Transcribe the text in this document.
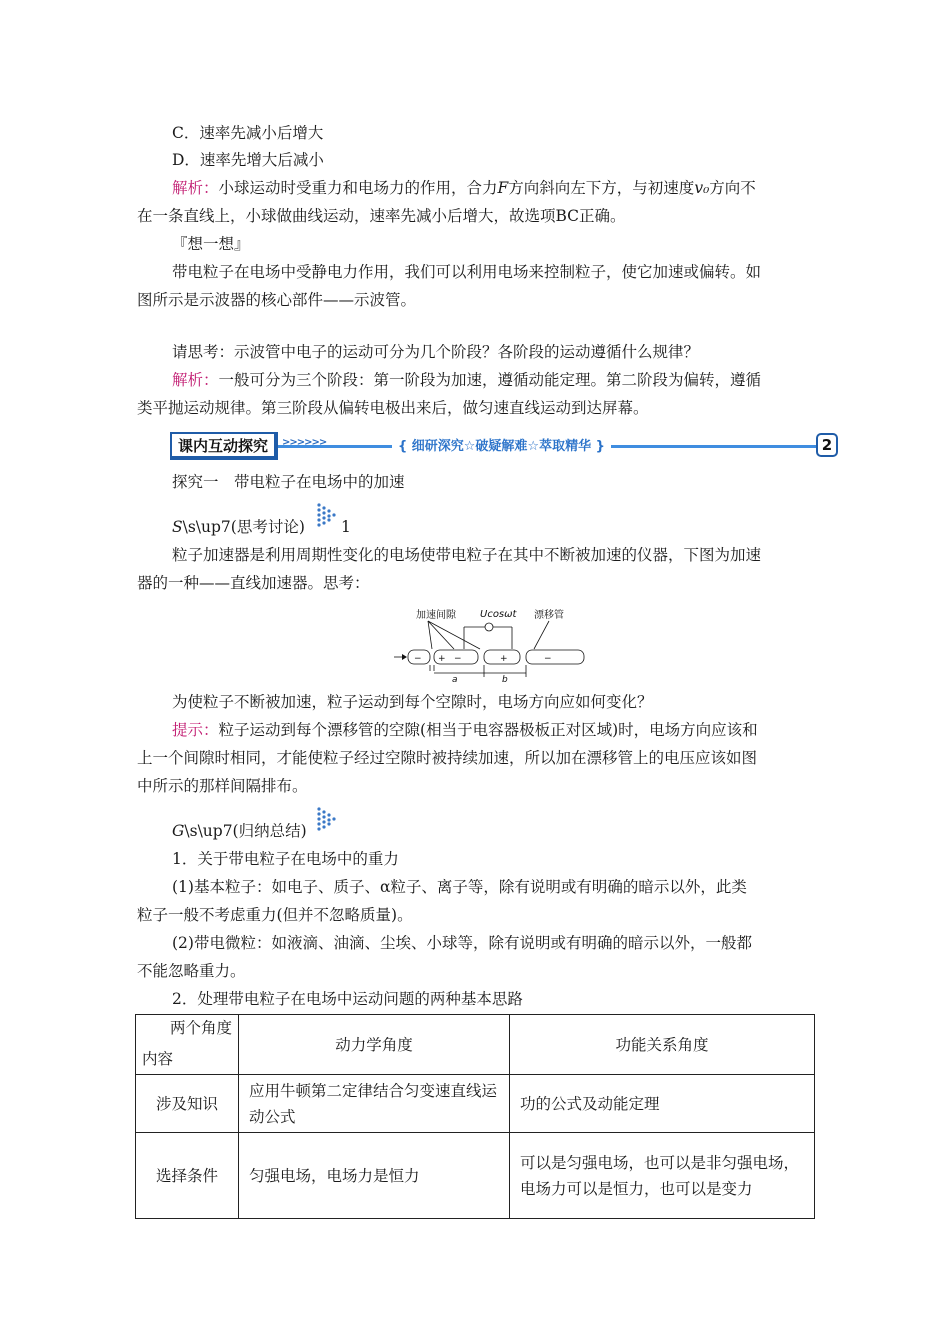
C．速率先减小后增大
D．速率先增大后减小
解析：小球运动时受重力和电场力的作用，合力F方向斜向左下方，与初速度v₀方向不
在一条直线上，小球做曲线运动，速率先减小后增大，故选项BC正确。
『想一想』
带电粒子在电场中受静电力作用，我们可以利用电场来控制粒子，使它加速或偏转。如
图所示是示波器的核心部件——示波管。
请思考：示波管中电子的运动可分为几个阶段？各阶段的运动遵循什么规律？
解析：一般可分为三个阶段：第一阶段为加速，遵循动能定理。第二阶段为偏转，遵循
类平抛运动规律。第三阶段从偏转电极出来后，做匀速直线运动到达屏幕。
课内互动探究	>>>>>>	{ 细研深究☆破疑解难☆萃取精华 }	2
探究一　带电粒子在电场中的加速
S\s\up7(思考讨论) 1
粒子加速器是利用周期性变化的电场使带电粒子在其中不断被加速的仪器，下图为加速
器的一种——直线加速器。思考：
加速间隙 Ucosωt 漂移管
− + −	+	−
a	b
为使粒子不断被加速，粒子运动到每个空隙时，电场方向应如何变化？
提示：粒子运动到每个漂移管的空隙(相当于电容器极板正对区域)时，电场方向应该和
上一个间隙时相同，才能使粒子经过空隙时被持续加速，所以加在漂移管上的电压应该如图
中所示的那样间隔排布。
G\s\up7(归纳总结)
1．关于带电粒子在电场中的重力
(1)基本粒子：如电子、质子、α粒子、离子等，除有说明或有明确的暗示以外，此类
粒子一般不考虑重力(但并不忽略质量)。
(2)带电微粒：如液滴、油滴、尘埃、小球等，除有说明或有明确的暗示以外，一般都
不能忽略重力。
2．处理带电粒子在电场中运动问题的两种基本思路
两个角度
内容	动力学角度	功能关系角度
涉及知识	应用牛顿第二定律结合匀变速直线运动公式	功的公式及动能定理
选择条件	匀强电场，电场力是恒力	可以是匀强电场，也可以是非匀强电场，电场力可以是恒力，也可以是变力
